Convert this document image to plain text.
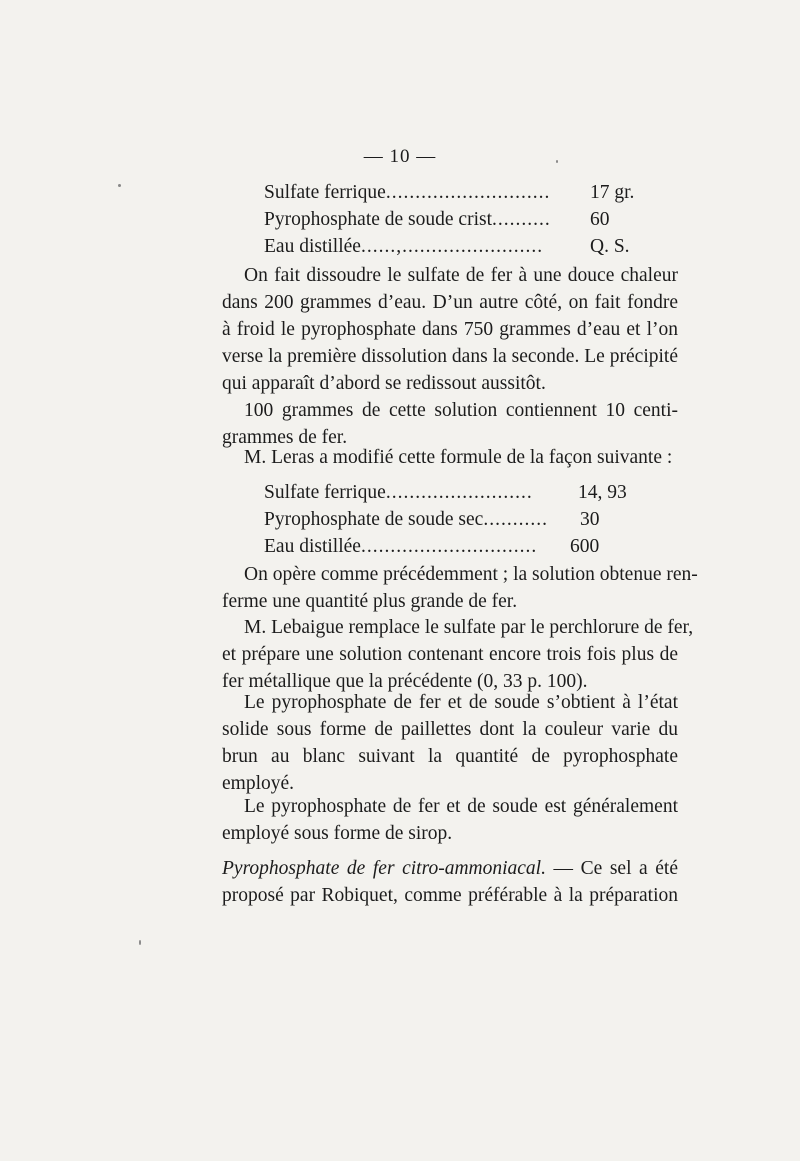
— 10 —
Sulfate ferrique............................ 17 gr.
Pyrophosphate de soude crist.......... 60
Eau distillée......,........................ Q. S.
On fait dissoudre le sulfate de fer à une douce chaleur
dans 200 grammes d’eau. D’un autre côté, on fait fondre
à froid le pyrophosphate dans 750 grammes d’eau et l’on
verse la première dissolution dans la seconde. Le précipité
qui apparaît d’abord se redissout aussitôt.
100 grammes de cette solution contiennent 10 centi-
grammes de fer.
M. Leras a modifié cette formule de la façon suivante :
Sulfate ferrique......................... 14, 93
Pyrophosphate de soude sec........... 30
Eau distillée.............................. 600
On opère comme précédemment ; la solution obtenue ren-
ferme une quantité plus grande de fer.
M. Lebaigue remplace le sulfate par le perchlorure de fer,
et prépare une solution contenant encore trois fois plus de
fer métallique que la précédente (0, 33 p. 100).
Le pyrophosphate de fer et de soude s’obtient à l’état
solide sous forme de paillettes dont la couleur varie du
brun au blanc suivant la quantité de pyrophosphate
employé.
Le pyrophosphate de fer et de soude est généralement
employé sous forme de sirop.
Pyrophosphate de fer citro-ammoniacal. — Ce sel a été
proposé par Robiquet, comme préférable à la préparation
